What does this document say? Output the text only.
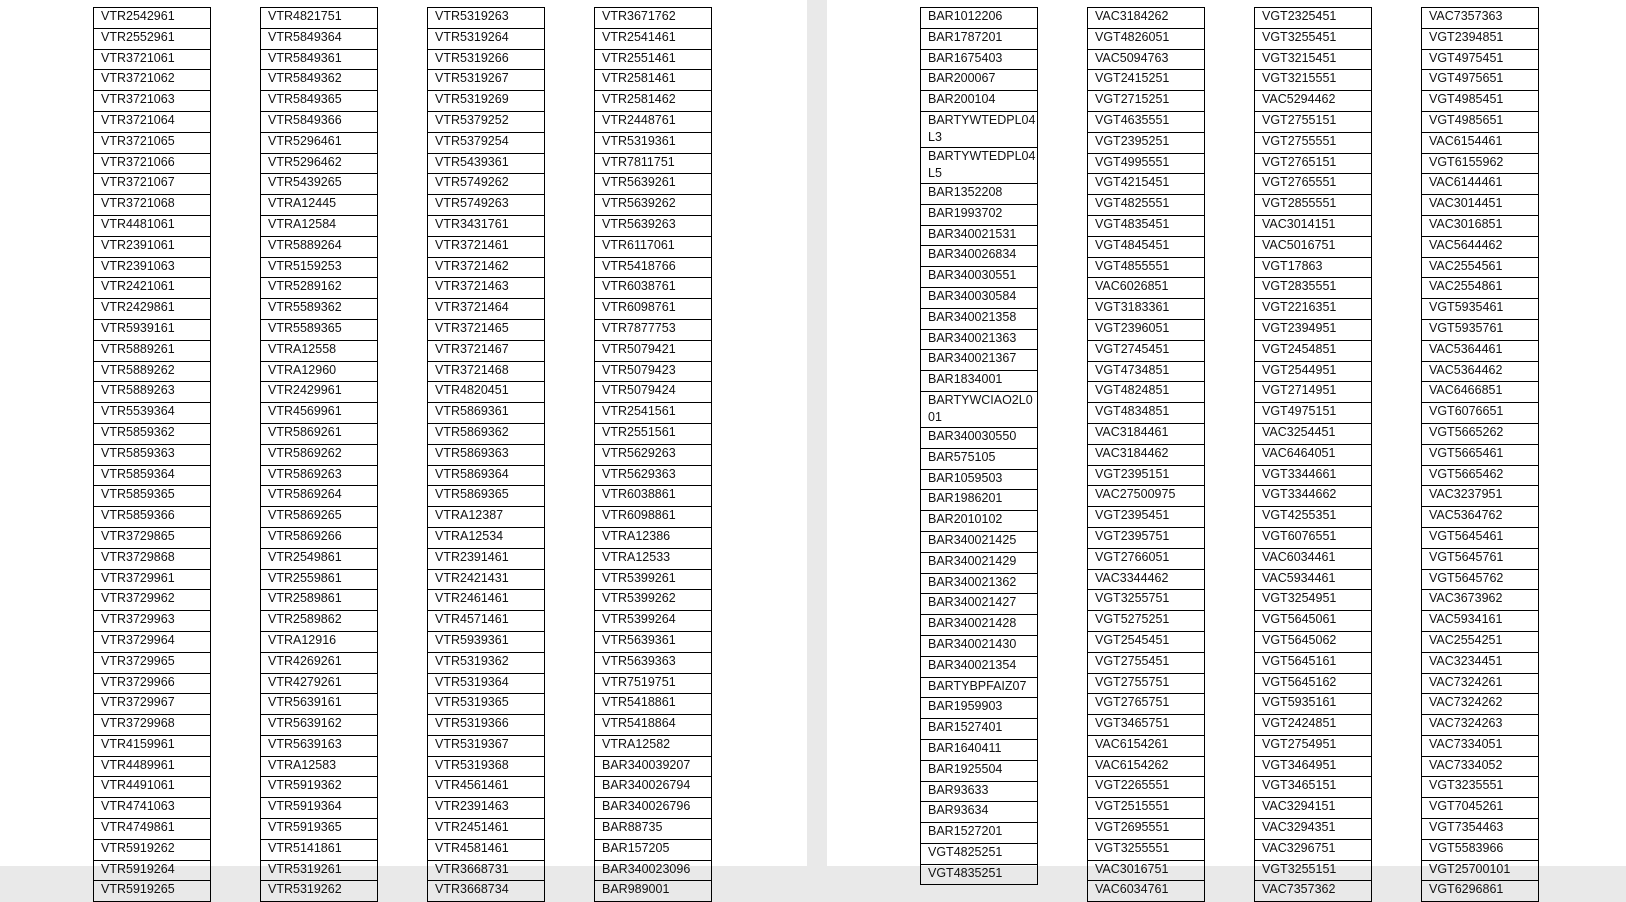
VTR2542961
VTR2552961
VTR3721061
VTR3721062
VTR3721063
VTR3721064
VTR3721065
VTR3721066
VTR3721067
VTR3721068
VTR4481061
VTR2391061
VTR2391063
VTR2421061
VTR2429861
VTR5939161
VTR5889261
VTR5889262
VTR5889263
VTR5539364
VTR5859362
VTR5859363
VTR5859364
VTR5859365
VTR5859366
VTR3729865
VTR3729868
VTR3729961
VTR3729962
VTR3729963
VTR3729964
VTR3729965
VTR3729966
VTR3729967
VTR3729968
VTR4159961
VTR4489961
VTR4491061
VTR4741063
VTR4749861
VTR5919262
VTR5919264
VTR5919265
VTR4821751
VTR5849364
VTR5849361
VTR5849362
VTR5849365
VTR5849366
VTR5296461
VTR5296462
VTR5439265
VTRA12445
VTRA12584
VTR5889264
VTR5159253
VTR5289162
VTR5589362
VTR5589365
VTRA12558
VTRA12960
VTR2429961
VTR4569961
VTR5869261
VTR5869262
VTR5869263
VTR5869264
VTR5869265
VTR5869266
VTR2549861
VTR2559861
VTR2589861
VTR2589862
VTRA12916
VTR4269261
VTR4279261
VTR5639161
VTR5639162
VTR5639163
VTRA12583
VTR5919362
VTR5919364
VTR5919365
VTR5141861
VTR5319261
VTR5319262
VTR5319263
VTR5319264
VTR5319266
VTR5319267
VTR5319269
VTR5379252
VTR5379254
VTR5439361
VTR5749262
VTR5749263
VTR3431761
VTR3721461
VTR3721462
VTR3721463
VTR3721464
VTR3721465
VTR3721467
VTR3721468
VTR4820451
VTR5869361
VTR5869362
VTR5869363
VTR5869364
VTR5869365
VTRA12387
VTRA12534
VTR2391461
VTR2421431
VTR2461461
VTR4571461
VTR5939361
VTR5319362
VTR5319364
VTR5319365
VTR5319366
VTR5319367
VTR5319368
VTR4561461
VTR2391463
VTR2451461
VTR4581461
VTR3668731
VTR3668734
VTR3671762
VTR2541461
VTR2551461
VTR2581461
VTR2581462
VTR2448761
VTR5319361
VTR7811751
VTR5639261
VTR5639262
VTR5639263
VTR6117061
VTR5418766
VTR6038761
VTR6098761
VTR7877753
VTR5079421
VTR5079423
VTR5079424
VTR2541561
VTR2551561
VTR5629263
VTR5629363
VTR6038861
VTR6098861
VTRA12386
VTRA12533
VTR5399261
VTR5399262
VTR5399264
VTR5639361
VTR5639363
VTR7519751
VTR5418861
VTR5418864
VTRA12582
BAR340039207
BAR340026794
BAR340026796
BAR88735
BAR157205
BAR340023096
BAR989001
BAR1012206
BAR1787201
BAR1675403
BAR200067
BAR200104
BARTYWTEDPL04L3
BARTYWTEDPL04L5
BAR1352208
BAR1993702
BAR340021531
BAR340026834
BAR340030551
BAR340030584
BAR340021358
BAR340021363
BAR340021367
BAR1834001
BARTYWCIAO2L001
BAR340030550
BAR575105
BAR1059503
BAR1986201
BAR2010102
BAR340021425
BAR340021429
BAR340021362
BAR340021427
BAR340021428
BAR340021430
BAR340021354
BARTYBPFAIZ07
BAR1959903
BAR1527401
BAR1640411
BAR1925504
BAR93633
BAR93634
BAR1527201
VGT4825251
VGT4835251
VAC3184262
VGT4826051
VAC5094763
VGT2415251
VGT2715251
VGT4635551
VGT2395251
VGT4995551
VGT4215451
VGT4825551
VGT4835451
VGT4845451
VGT4855551
VAC6026851
VGT3183361
VGT2396051
VGT2745451
VGT4734851
VGT4824851
VGT4834851
VAC3184461
VAC3184462
VGT2395151
VAC27500975
VGT2395451
VGT2395751
VGT2766051
VAC3344462
VGT3255751
VGT5275251
VGT2545451
VGT2755451
VGT2755751
VGT2765751
VGT3465751
VAC6154261
VAC6154262
VGT2265551
VGT2515551
VGT2695551
VGT3255551
VAC3016751
VAC6034761
VGT2325451
VGT3255451
VGT3215451
VGT3215551
VAC5294462
VGT2755151
VGT2755551
VGT2765151
VGT2765551
VGT2855551
VAC3014151
VAC5016751
VGT17863
VGT2835551
VGT2216351
VGT2394951
VGT2454851
VGT2544951
VGT2714951
VGT4975151
VAC3254451
VAC6464051
VGT3344661
VGT3344662
VGT4255351
VGT6076551
VAC6034461
VAC5934461
VGT3254951
VGT5645061
VGT5645062
VGT5645161
VGT5645162
VGT5935161
VGT2424851
VGT2754951
VGT3464951
VGT3465151
VAC3294151
VAC3294351
VAC3296751
VGT3255151
VAC7357362
VAC7357363
VGT2394851
VGT4975451
VGT4975651
VGT4985451
VGT4985651
VAC6154461
VGT6155962
VAC6144461
VAC3014451
VAC3016851
VAC5644462
VAC2554561
VAC2554861
VGT5935461
VGT5935761
VAC5364461
VAC5364462
VAC6466851
VGT6076651
VGT5665262
VGT5665461
VGT5665462
VAC3237951
VAC5364762
VGT5645461
VGT5645761
VGT5645762
VAC3673962
VAC5934161
VAC2554251
VAC3234451
VAC7324261
VAC7324262
VAC7324263
VAC7334051
VAC7334052
VGT3235551
VGT7045261
VGT7354463
VGT5583966
VGT25700101
VGT6296861
